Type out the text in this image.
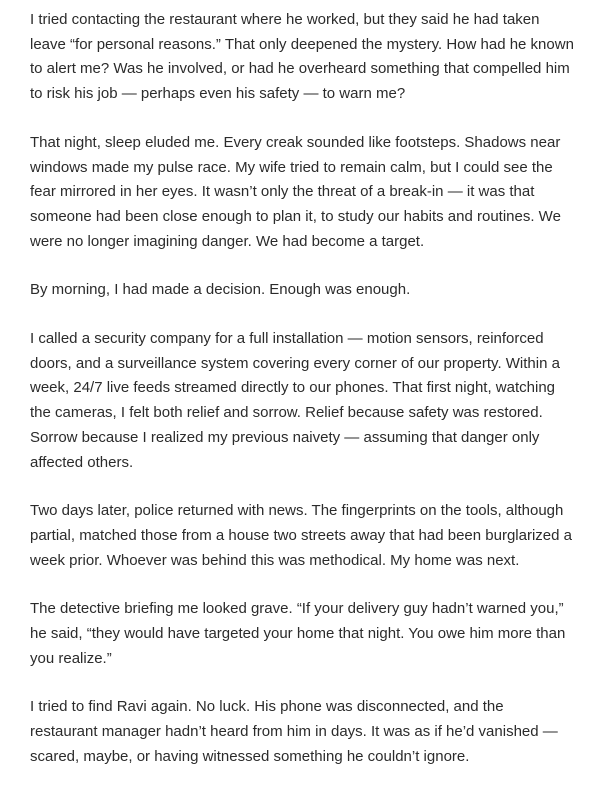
I tried contacting the restaurant where he worked, but they said he had taken leave “for personal reasons.” That only deepened the mystery. How had he known to alert me? Was he involved, or had he overheard something that compelled him to risk his job — perhaps even his safety — to warn me?

That night, sleep eluded me. Every creak sounded like footsteps. Shadows near windows made my pulse race. My wife tried to remain calm, but I could see the fear mirrored in her eyes. It wasn’t only the threat of a break-in — it was that someone had been close enough to plan it, to study our habits and routines. We were no longer imagining danger. We had become a target.

By morning, I had made a decision. Enough was enough.

I called a security company for a full installation — motion sensors, reinforced doors, and a surveillance system covering every corner of our property. Within a week, 24/7 live feeds streamed directly to our phones. That first night, watching the cameras, I felt both relief and sorrow. Relief because safety was restored. Sorrow because I realized my previous naivety — assuming that danger only affected others.

Two days later, police returned with news. The fingerprints on the tools, although partial, matched those from a house two streets away that had been burglarized a week prior. Whoever was behind this was methodical. My home was next.

The detective briefing me looked grave. “If your delivery guy hadn’t warned you,” he said, “they would have targeted your home that night. You owe him more than you realize.”

I tried to find Ravi again. No luck. His phone was disconnected, and the restaurant manager hadn’t heard from him in days. It was as if he’d vanished — scared, maybe, or having witnessed something he couldn’t ignore.
